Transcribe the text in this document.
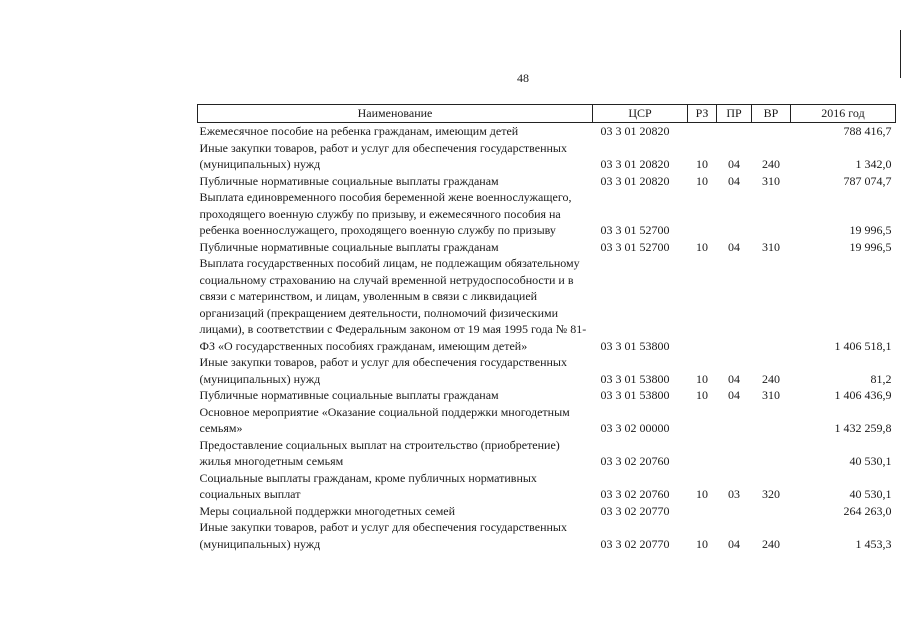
48
Наименование	ЦСР	РЗ	ПР	ВР	2016 год
Ежемесячное пособие на ребенка гражданам, имеющим детей	03 3 01 20820				788 416,7
Иные закупки товаров, работ и услуг для обеспечения государственных (муниципальных) нужд	03 3 01 20820	10	04	240	1 342,0
Публичные нормативные социальные выплаты гражданам	03 3 01 20820	10	04	310	787 074,7
Выплата единовременного пособия беременной жене военнослужащего, проходящего военную службу по призыву, и ежемесячного пособия на ребенка военнослужащего, проходящего военную службу по призыву	03 3 01 52700				19 996,5
Публичные нормативные социальные выплаты гражданам	03 3 01 52700	10	04	310	19 996,5
Выплата государственных пособий лицам, не подлежащим обязательному социальному страхованию на случай временной нетрудоспособности и в связи с материнством, и лицам, уволенным в связи с ликвидацией организаций (прекращением деятельности, полномочий физическими лицами), в соответствии с Федеральным законом от 19 мая 1995 года № 81-ФЗ «О государственных пособиях гражданам, имеющим детей»	03 3 01 53800				1 406 518,1
Иные закупки товаров, работ и услуг для обеспечения государственных (муниципальных) нужд	03 3 01 53800	10	04	240	81,2
Публичные нормативные социальные выплаты гражданам	03 3 01 53800	10	04	310	1 406 436,9
Основное мероприятие «Оказание социальной поддержки многодетным семьям»	03 3 02 00000				1 432 259,8
Предоставление социальных выплат на строительство (приобретение) жилья многодетным семьям	03 3 02 20760				40 530,1
Социальные выплаты гражданам, кроме публичных нормативных социальных выплат	03 3 02 20760	10	03	320	40 530,1
Меры социальной поддержки многодетных семей	03 3 02 20770				264 263,0
Иные закупки товаров, работ и услуг для обеспечения государственных (муниципальных) нужд	03 3 02 20770	10	04	240	1 453,3
